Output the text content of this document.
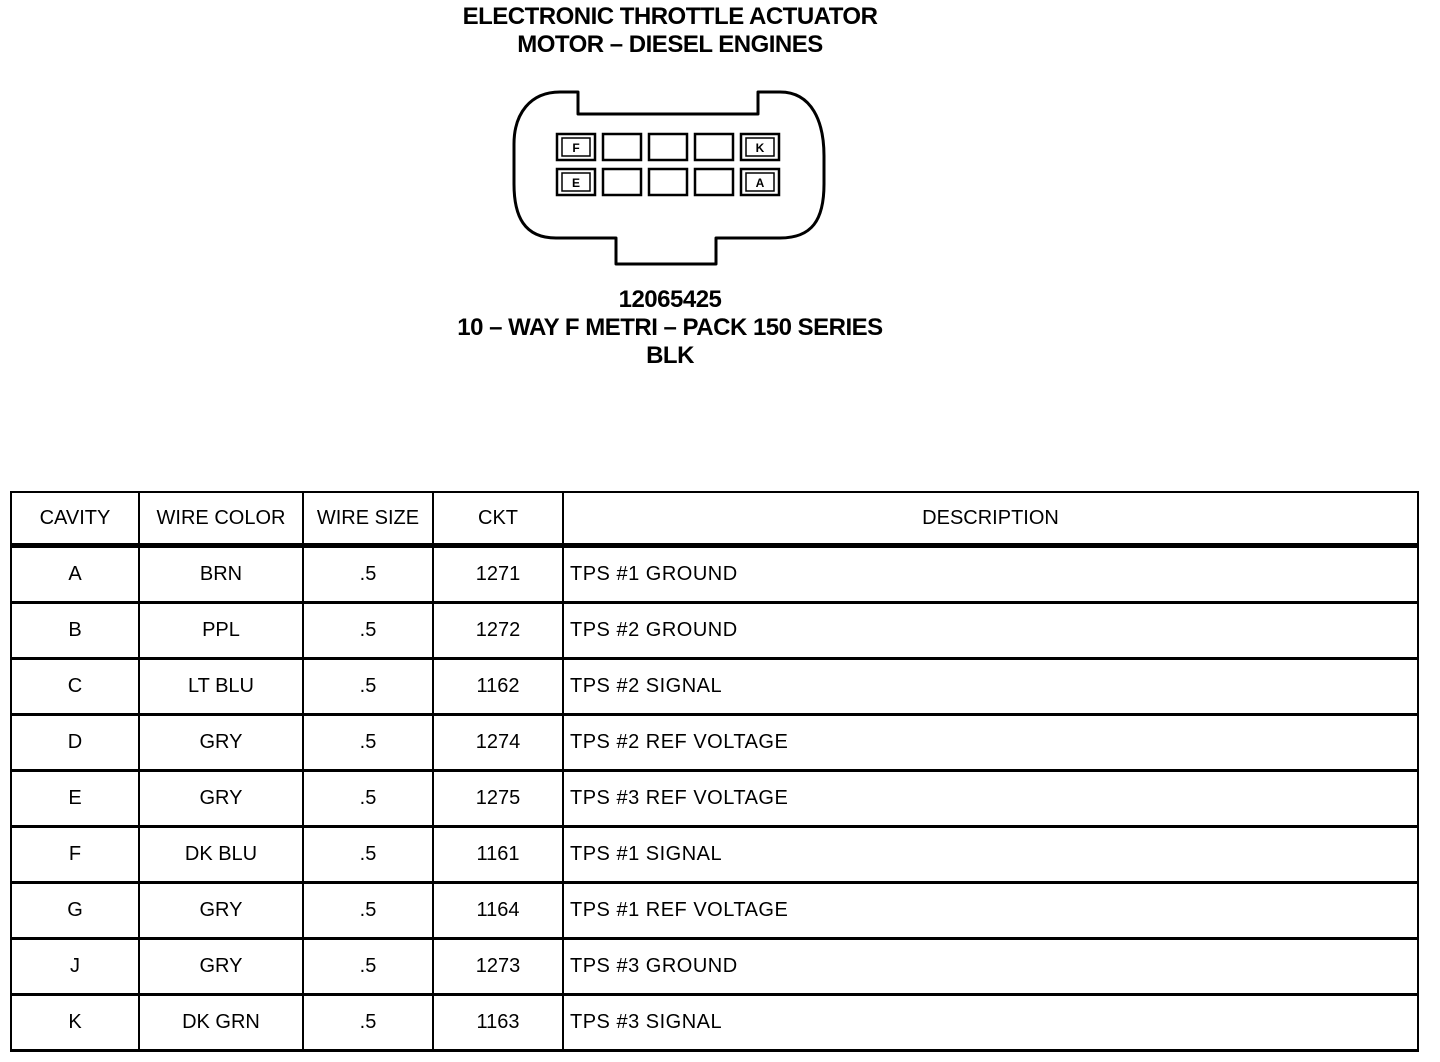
ELECTRONIC THROTTLE ACTUATOR
MOTOR – DIESEL ENGINES
F	K
E	A
12065425
10 – WAY F METRI – PACK 150 SERIES
BLK
CAVITY	WIRE COLOR	WIRE SIZE	CKT	DESCRIPTION
A	BRN	.5	1271	TPS #1 GROUND
B	PPL	.5	1272	TPS #2 GROUND
C	LT BLU	.5	1162	TPS #2 SIGNAL
D	GRY	.5	1274	TPS #2 REF VOLTAGE
E	GRY	.5	1275	TPS #3 REF VOLTAGE
F	DK BLU	.5	1161	TPS #1 SIGNAL
G	GRY	.5	1164	TPS #1 REF VOLTAGE
J	GRY	.5	1273	TPS #3 GROUND
K	DK GRN	.5	1163	TPS #3 SIGNAL
